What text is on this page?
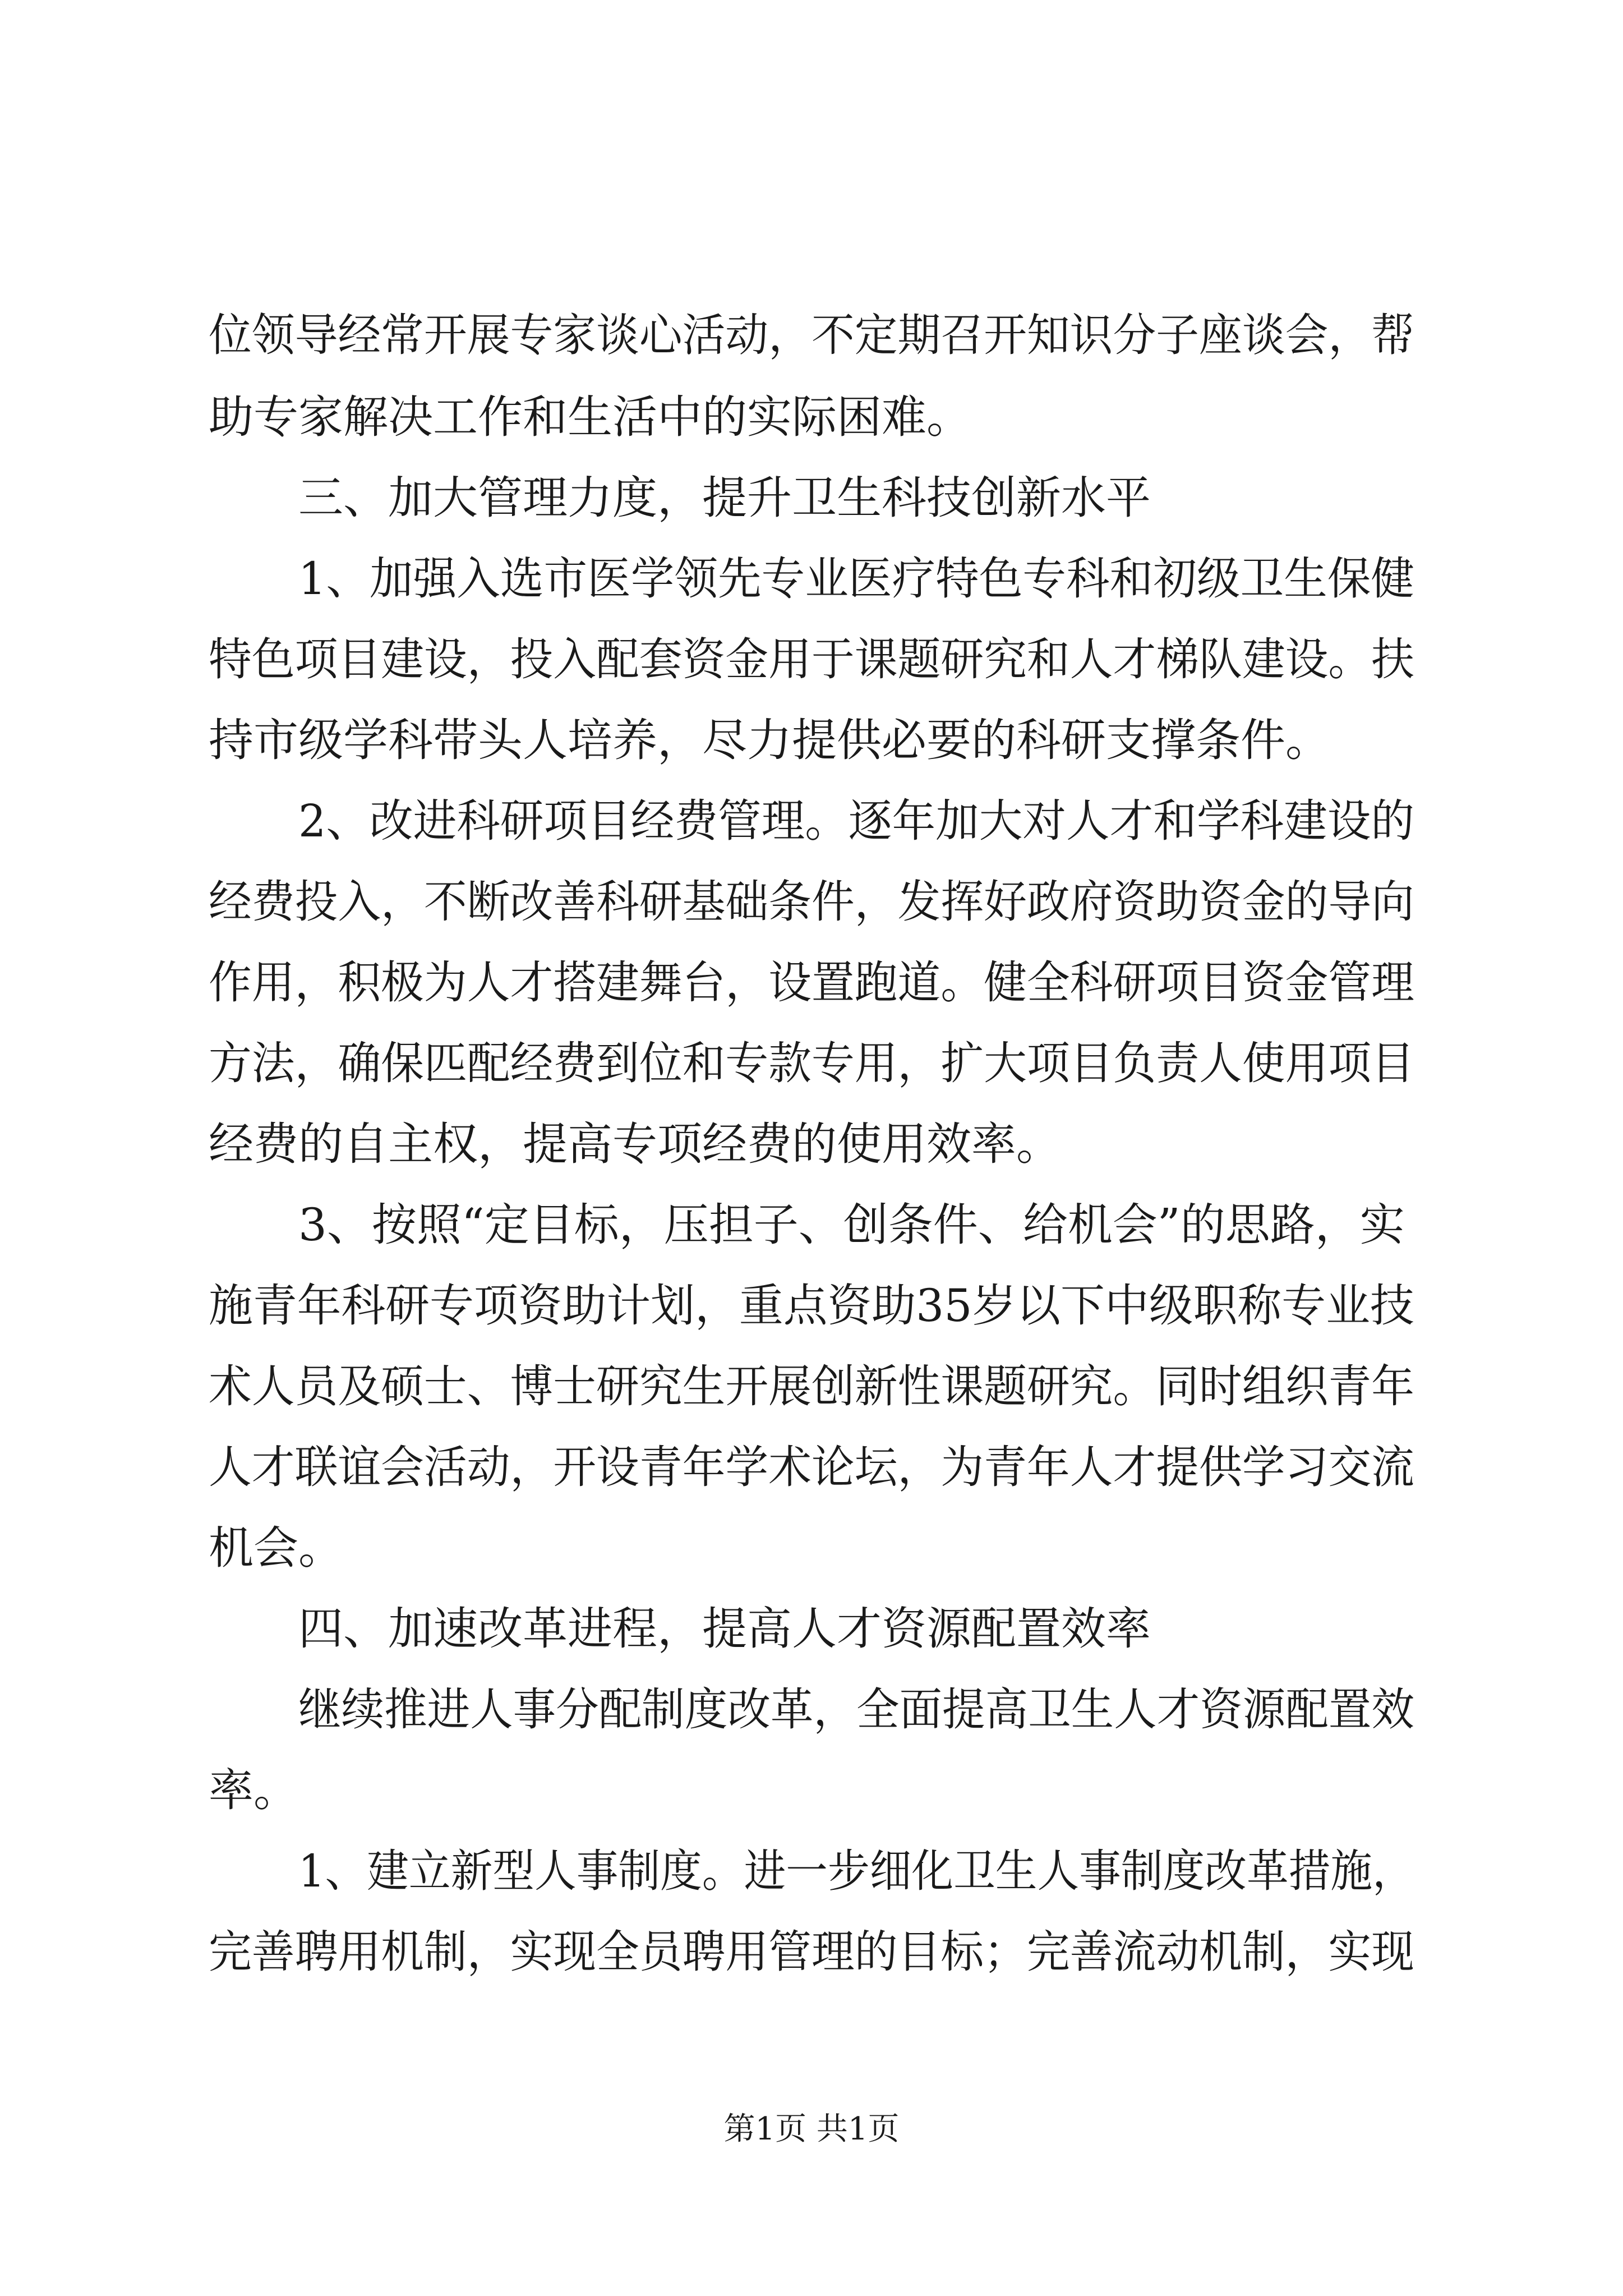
位领导经常开展专家谈心活动，不定期召开知识分子座谈会，帮
助专家解决工作和生活中的实际困难。
三、加大管理力度，提升卫生科技创新水平
1、加强入选市医学领先专业医疗特色专科和初级卫生保健
特色项目建设，投入配套资金用于课题研究和人才梯队建设。扶
持市级学科带头人培养，尽力提供必要的科研支撑条件。
2、改进科研项目经费管理。逐年加大对人才和学科建设的
经费投入，不断改善科研基础条件，发挥好政府资助资金的导向
作用，积极为人才搭建舞台，设置跑道。健全科研项目资金管理
方法，确保匹配经费到位和专款专用，扩大项目负责人使用项目
经费的自主权，提高专项经费的使用效率。
3、按照“定目标，压担子、创条件、给机会”的思路，实
施青年科研专项资助计划，重点资助35岁以下中级职称专业技
术人员及硕士、博士研究生开展创新性课题研究。同时组织青年
人才联谊会活动，开设青年学术论坛，为青年人才提供学习交流
机会。
四、加速改革进程，提高人才资源配置效率
继续推进人事分配制度改革，全面提高卫生人才资源配置效
率。
1、建立新型人事制度。进一步细化卫生人事制度改革措施，
完善聘用机制，实现全员聘用管理的目标；完善流动机制，实现
第1页 共1页
